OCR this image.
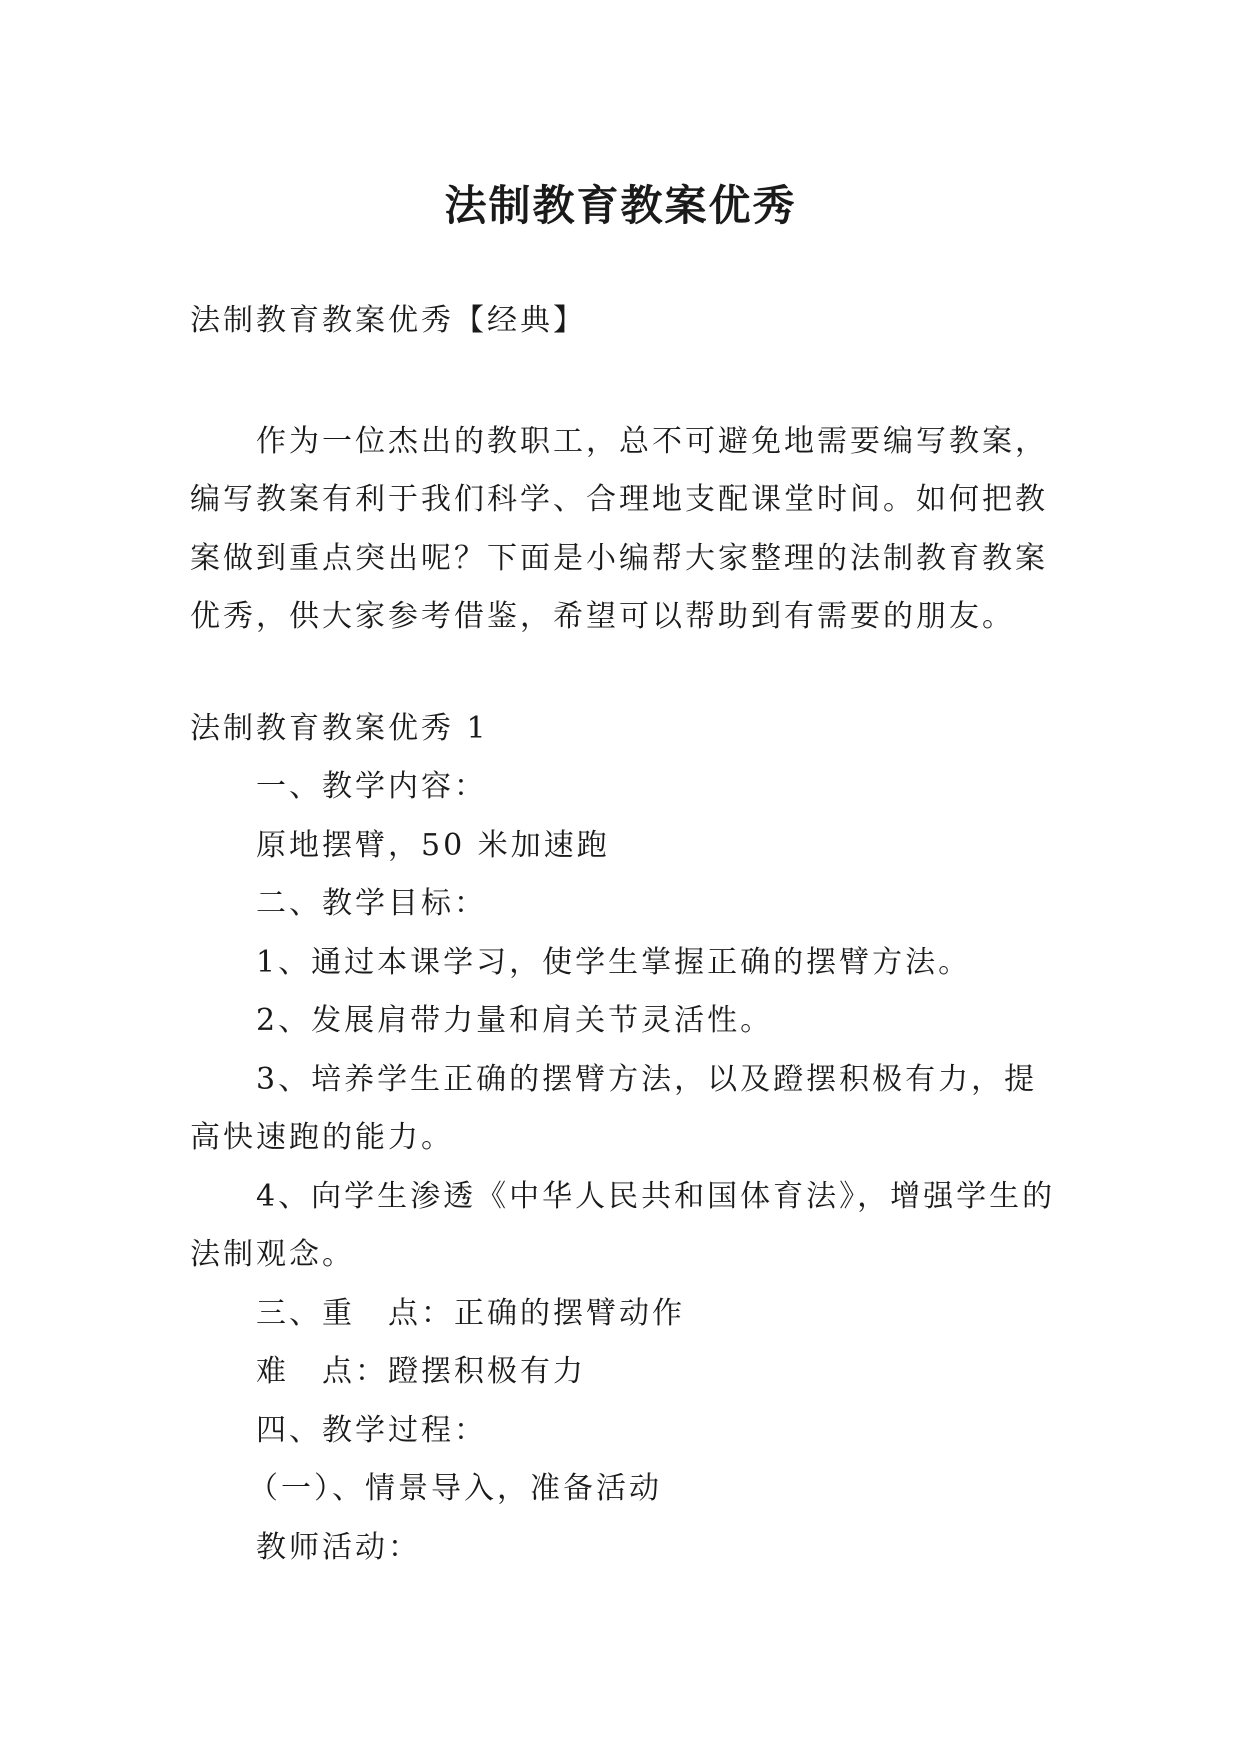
法制教育教案优秀

法制教育教案优秀【经典】

作为一位杰出的教职工，总不可避免地需要编写教案，编写教案有利于我们科学、合理地支配课堂时间。如何把教案做到重点突出呢？下面是小编帮大家整理的法制教育教案优秀，供大家参考借鉴，希望可以帮助到有需要的朋友。

法制教育教案优秀 1

一、教学内容：

原地摆臂，50 米加速跑

二、教学目标：

1、通过本课学习，使学生掌握正确的摆臂方法。

2、发展肩带力量和肩关节灵活性。

3、培养学生正确的摆臂方法，以及蹬摆积极有力，提高快速跑的能力。

4、向学生渗透《中华人民共和国体育法》，增强学生的法制观念。

三、重　点：正确的摆臂动作

难　点：蹬摆积极有力

四、教学过程：

（一）、情景导入，准备活动

教师活动：
